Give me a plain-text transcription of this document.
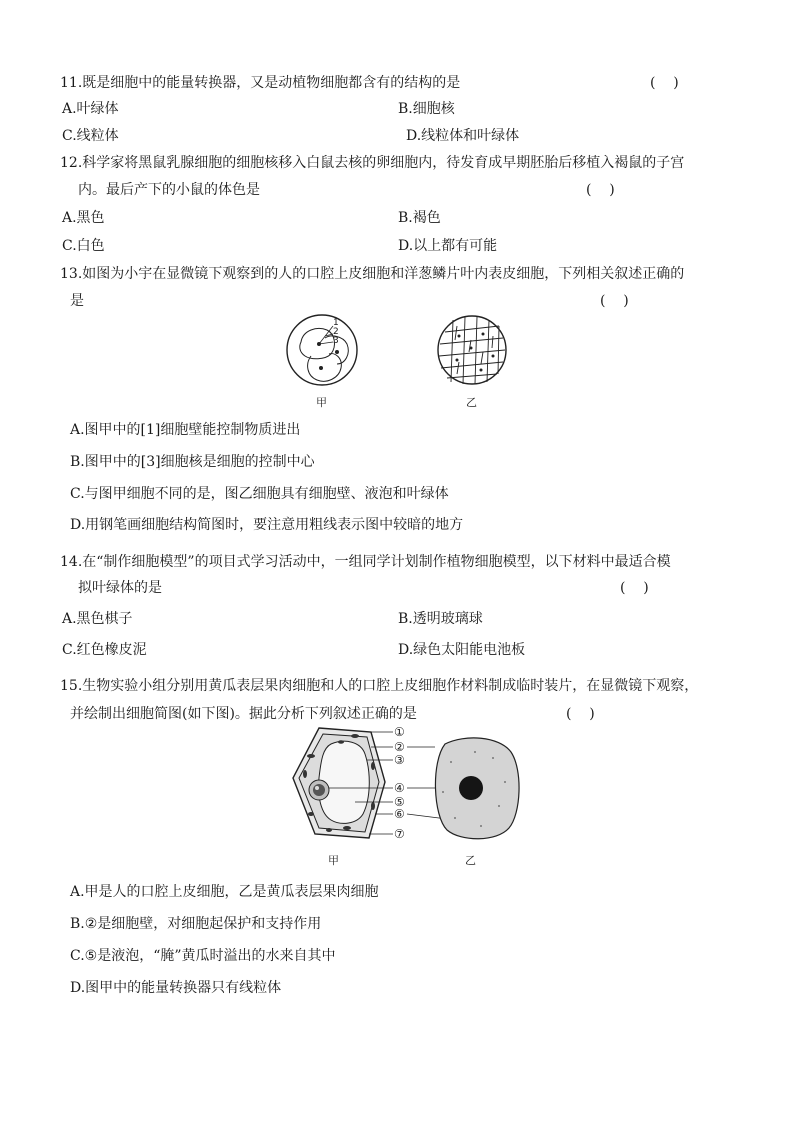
11.既是细胞中的能量转换器，又是动植物细胞都含有的结构的是	(    )
A.叶绿体	B.细胞核
C.线粒体	D.线粒体和叶绿体
12.科学家将黑鼠乳腺细胞的细胞核移入白鼠去核的卵细胞内，待发育成早期胚胎后移植入褐鼠的子宫
内。最后产下的小鼠的体色是	(    )
A.黑色	B.褐色
C.白色	D.以上都有可能
13.如图为小宇在显微镜下观察到的人的口腔上皮细胞和洋葱鳞片叶内表皮细胞，下列相关叙述正确的
是	(    )
1
2
3
甲	乙
A.图甲中的[1]细胞壁能控制物质进出
B.图甲中的[3]细胞核是细胞的控制中心
C.与图甲细胞不同的是，图乙细胞具有细胞壁、液泡和叶绿体
D.用钢笔画细胞结构简图时，要注意用粗线表示图中较暗的地方
14.在“制作细胞模型”的项目式学习活动中，一组同学计划制作植物细胞模型，以下材料中最适合模
拟叶绿体的是	(    )
A.黑色棋子	B.透明玻璃球
C.红色橡皮泥	D.绿色太阳能电池板
15.生物实验小组分别用黄瓜表层果肉细胞和人的口腔上皮细胞作材料制成临时装片，在显微镜下观察，
并绘制出细胞简图(如下图)。据此分析下列叙述正确的是	(    )
①
②
③
④
⑤
⑥
⑦
甲	乙
A.甲是人的口腔上皮细胞，乙是黄瓜表层果肉细胞
B.②是细胞壁，对细胞起保护和支持作用
C.⑤是液泡，“腌”黄瓜时溢出的水来自其中
D.图甲中的能量转换器只有线粒体
